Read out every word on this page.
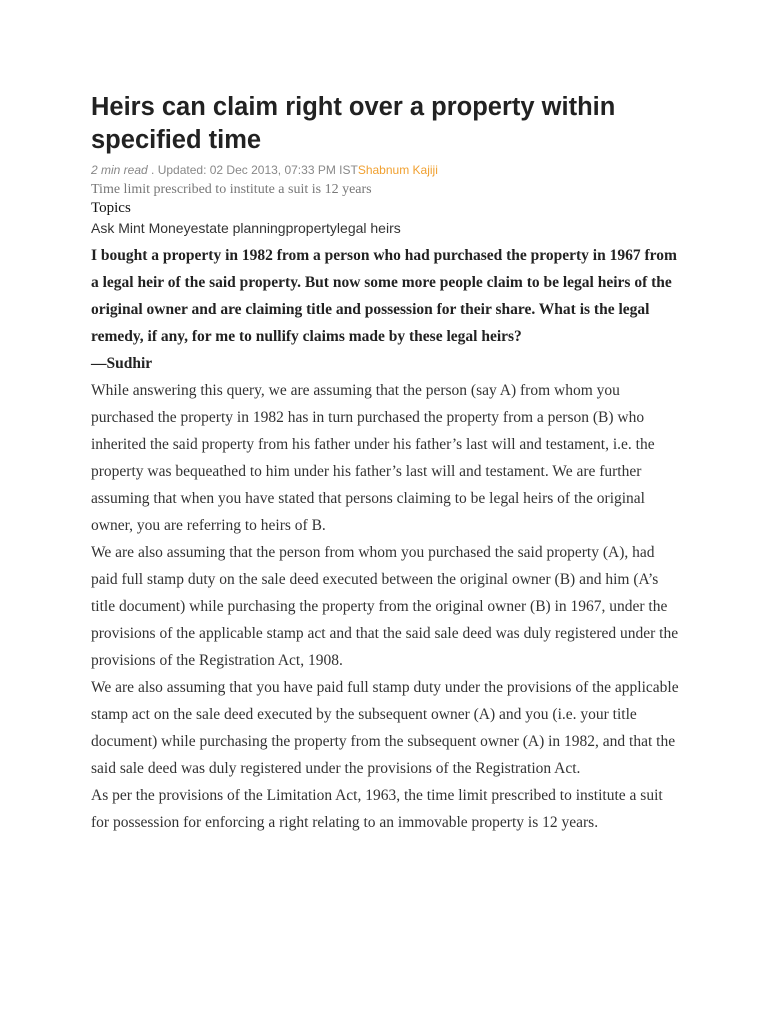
Heirs can claim right over a property within specified time
2 min read . Updated: 02 Dec 2013, 07:33 PM ISTShabnum Kajiji
Time limit prescribed to institute a suit is 12 years
Topics
Ask Mint Moneyestate planningpropertylegal heirs
I bought a property in 1982 from a person who had purchased the property in 1967 from a legal heir of the said property. But now some more people claim to be legal heirs of the original owner and are claiming title and possession for their share. What is the legal remedy, if any, for me to nullify claims made by these legal heirs?
—Sudhir
While answering this query, we are assuming that the person (say A) from whom you purchased the property in 1982 has in turn purchased the property from a person (B) who inherited the said property from his father under his father’s last will and testament, i.e. the property was bequeathed to him under his father’s last will and testament. We are further assuming that when you have stated that persons claiming to be legal heirs of the original owner, you are referring to heirs of B.
We are also assuming that the person from whom you purchased the said property (A), had paid full stamp duty on the sale deed executed between the original owner (B) and him (A’s title document) while purchasing the property from the original owner (B) in 1967, under the provisions of the applicable stamp act and that the said sale deed was duly registered under the provisions of the Registration Act, 1908.
We are also assuming that you have paid full stamp duty under the provisions of the applicable stamp act on the sale deed executed by the subsequent owner (A) and you (i.e. your title document) while purchasing the property from the subsequent owner (A) in 1982, and that the said sale deed was duly registered under the provisions of the Registration Act.
As per the provisions of the Limitation Act, 1963, the time limit prescribed to institute a suit for possession for enforcing a right relating to an immovable property is 12 years.
